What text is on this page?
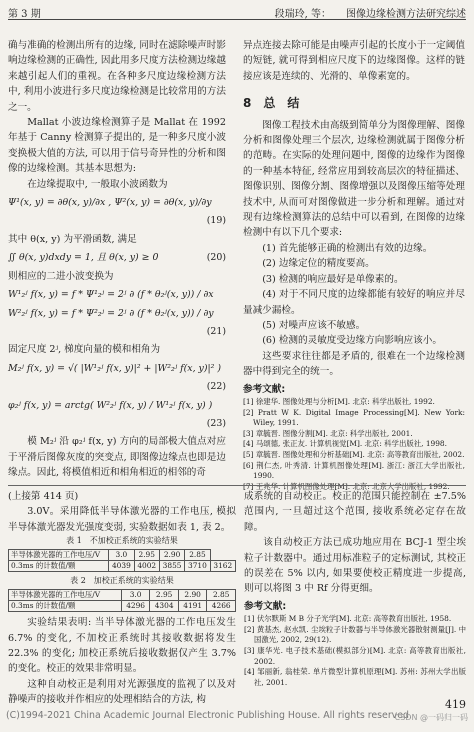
第 3 期	段瑞玲, 等：　　图像边缘检测方法研究综述

确与准确的检测出所有的边缘, 同时在滤除噪声时影响边缘检测的正确性, 因此用多尺度方法检测边缘越来越引起人们的重视。在各种多尺度边缘检测方法中, 利用小波进行多尺度边缘检测是比较常用的方法之一。

Mallat 小波边缘检测算子是 Mallat 在 1992 年基于 Canny 检测算子提出的, 是一种多尺度小波变换极大值的方法, 可以用于信号奇异性的分析和图像的边缘检测。其基本思想为:

在边缘提取中, 一般取小波函数为

Ψ¹(x, y) = ∂θ(x, y)/∂x , Ψ²(x, y) = ∂θ(x, y)/∂y
(19)

其中 θ(x, y) 为平滑函数, 满足

∬ θ(x, y)dxdy = 1, 且 θ(x, y) ≥ 0	(20)

则相应的二进小波变换为

W¹₂ʲ f(x, y) = f * Ψ¹₂ʲ = 2ʲ ∂ (f * θ₂ʲ(x, y)) / ∂x
W²₂ʲ f(x, y) = f * Ψ²₂ʲ = 2ʲ ∂ (f * θ₂ʲ(x, y)) / ∂y
(21)

固定尺度 2ʲ, 梯度向量的模和相角为

M₂ʲ f(x, y) = √( |W¹₂ʲ f(x, y)|² + |W²₂ʲ f(x, y)|² )
(22)
φ₂ʲ f(x, y) = arctg( W²₂ʲ f(x, y) / W¹₂ʲ f(x, y) )
(23)

模 M₂ʲ 沿 φ₂ʲ f(x, y) 方向的局部极大值点对应于平滑后图像灰度的突变点, 即图像边缘点也即是边缘点。因此, 将模值相近和相角相近的相邻的奇

异点连接去除可能是由噪声引起的长度小于一定阈值的短链, 就可得到相应尺度下的边缘图像。这样的链接应该是连续的、光滑的、单像素宽的。

8　总　结

图像工程技术由高级到简单分为图像理解、图像分析和图像处理三个层次, 边缘检测就属于图像分析的范畴。在实际的处理问题中, 图像的边缘作为图像的一种基本特征, 经常应用到较高层次的特征描述、图像识别、图像分割、图像增强以及图像压缩等处理技术中, 从而可对图像做进一步分析和理解。通过对现有边缘检测算法的总结中可以看到, 在图像的边缘检测中有以下几个要求:

(1) 首先能够正确的检测出有效的边缘。

(2) 边缘定位的精度要高。

(3) 检测的响应最好是单像素的。

(4) 对于不同尺度的边缘都能有较好的响应并尽量减少漏检。

(5) 对噪声应该不敏感。

(6) 检测的灵敏度受边缘方向影响应该小。

这些要求往往都是矛盾的, 很难在一个边缘检测器中得到完全的统一。

参考文献:
[1] 徐建华. 图像处理与分析[M]. 北京: 科学出版社, 1992.
[2] Pratt W K. Digital Image Processing[M]. New York: Wiley, 1991.
[3] 章毓晋. 图像分割[M]. 北京: 科学出版社, 2001.
[4] 马颂德, 张正友. 计算机视觉[M]. 北京: 科学出版社, 1998.
[5] 章毓晋. 图像处理和分析基础[M]. 北京: 高等教育出版社, 2002.
[6] 荆仁杰, 叶秀清. 计算机图像处理[M]. 浙江: 浙江大学出版社, 1990.
[7] 王兆华. 计算机图像处理[M]. 北京: 北京大学出版社, 1992.

(上接第 414 页)

3.0V。采用降低半导体激光器的工作电压, 模拟半导体激光器发光强度变弱, 实验数据如表 1, 表 2。

表 1　不加校正系统的实验结果
半导体激光器的工作电压/V	3.0	2.95	2.90	2.85	
0.3ms 的计数值/颗	4039	4002	3855	3710	3162
表 2　加校正系统的实验结果
半导体激光器的工作电压/V	3.0	2.95	2.90	2.85
0.3ms 的计数值/颗	4296	4304	4191	4266

实验结果表明: 当半导体激光器的工作电压发生 6.7% 的变化, 不加校正系统时其接收数据将发生 22.3% 的变化; 加校正系统后接收数据仅产生 3.7% 的变化。校正的效果非常明显。

这种自动校正是利用对光源强度的监视了以及对静噪声的接收并作相应的处理相结合的方法, 构

成系统的自动校正。校正的范围只能控制在 ±7.5% 范围内, 一旦超过这个范围, 接收系统必定存在故障。

该自动校正方法已成功地应用在 BCJ-1 型尘埃粒子计数器中。通过用标准粒子的定标测试, 其校正的误差在 5% 以内, 如果要使校正精度进一步提高, 则可以将图 3 中 Rf 分得更细。

参考文献:
[1] 伏尔默斯 M B 分子光学[M]. 北京: 高等教育出版社, 1958.
[2] 黄基杰, 赵水凯. 尘埃粒子计数器与半导体激光器散射测量[J]. 中国激光, 2002, 29(12).
[3] 康华光. 电子技术基础(模拟部分)[M]. 北京: 高等教育出版社, 2002.
[4] 邹丽新, 翁桂荣. 单片微型计算机原理[M]. 苏州: 苏州大学出版社, 2001.
(C)1994-2021 China Academic Journal Electronic Publishing House. All rights reserved.
419
CSDN @一码归一码
